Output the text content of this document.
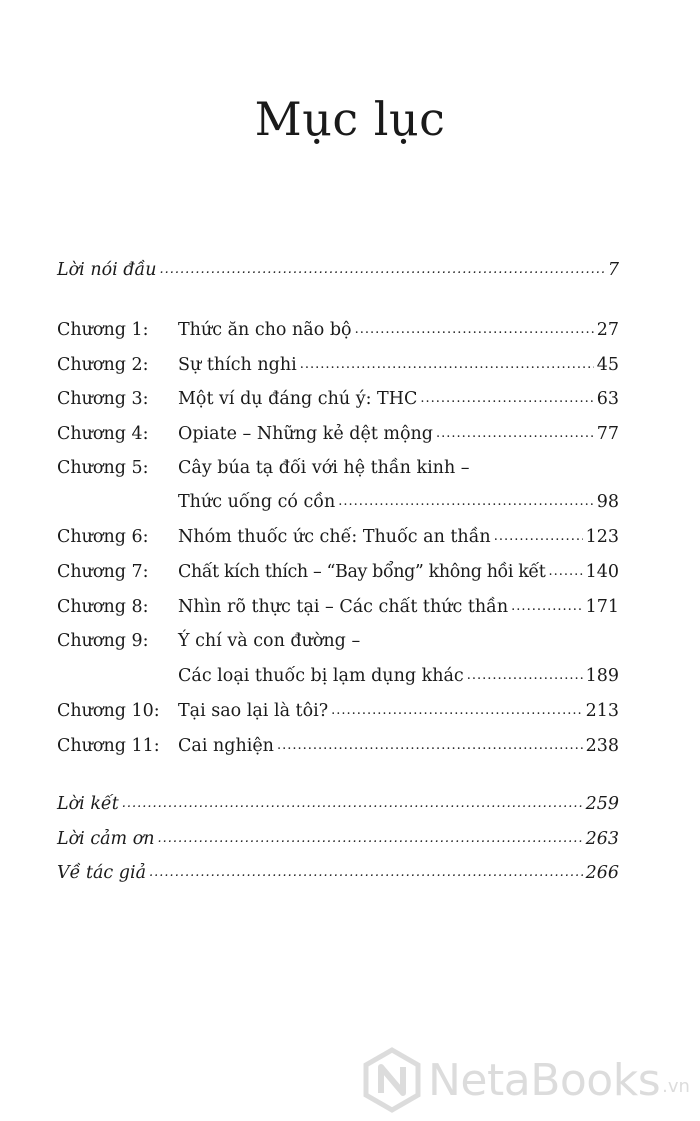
Mục lục
Lời nói đầu .....	7
Chương 1:	Thức ăn cho não bộ .....	27
Chương 2:	Sự thích nghi .....	45
Chương 3:	Một ví dụ đáng chú ý: THC .....	63
Chương 4:	Opiate – Những kẻ dệt mộng .....	77
Chương 5:	Cây búa tạ đối với hệ thần kinh –
Thức uống có cồn .....	98
Chương 6:	Nhóm thuốc ức chế: Thuốc an thần .....	123
Chương 7:	Chất kích thích – “Bay bổng” không hồi kết ..... 140
Chương 8:	Nhìn rõ thực tại – Các chất thức thần .....	171
Chương 9:	Ý chí và con đường –
Các loại thuốc bị lạm dụng khác .....	189
Chương 10:	Tại sao lại là tôi? .....	213
Chương 11:	Cai nghiện .....	238
Lời kết .....	259
Lời cảm ơn .....	263
Về tác giả .....	266
NetaBooks .vn
